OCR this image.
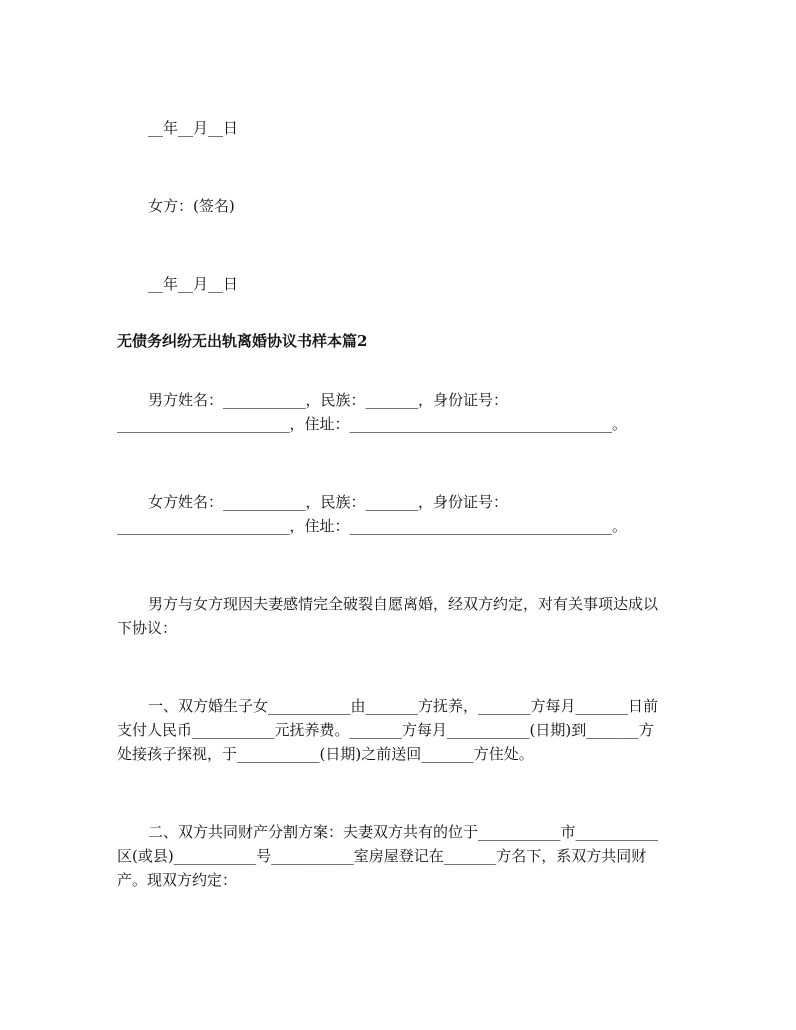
__年__月__日
女方：(签名)
__年__月__日
无债务纠纷无出轨离婚协议书样本篇2
男方姓名：___________，民族：_______，身份证号：
_______________________，住址：___________________________________。
女方姓名：___________，民族：_______，身份证号：
_______________________，住址：___________________________________。
男方与女方现因夫妻感情完全破裂自愿离婚，经双方约定，对有关事项达成以
下协议：
一、双方婚生子女___________由_______方抚养，_______方每月_______日前
支付人民币___________元抚养费。_______方每月___________(日期)到_______方
处接孩子探视，于___________(日期)之前送回_______方住处。
二、双方共同财产分割方案：夫妻双方共有的位于___________市___________
区(或县)___________号___________室房屋登记在_______方名下，系双方共同财
产。现双方约定：
